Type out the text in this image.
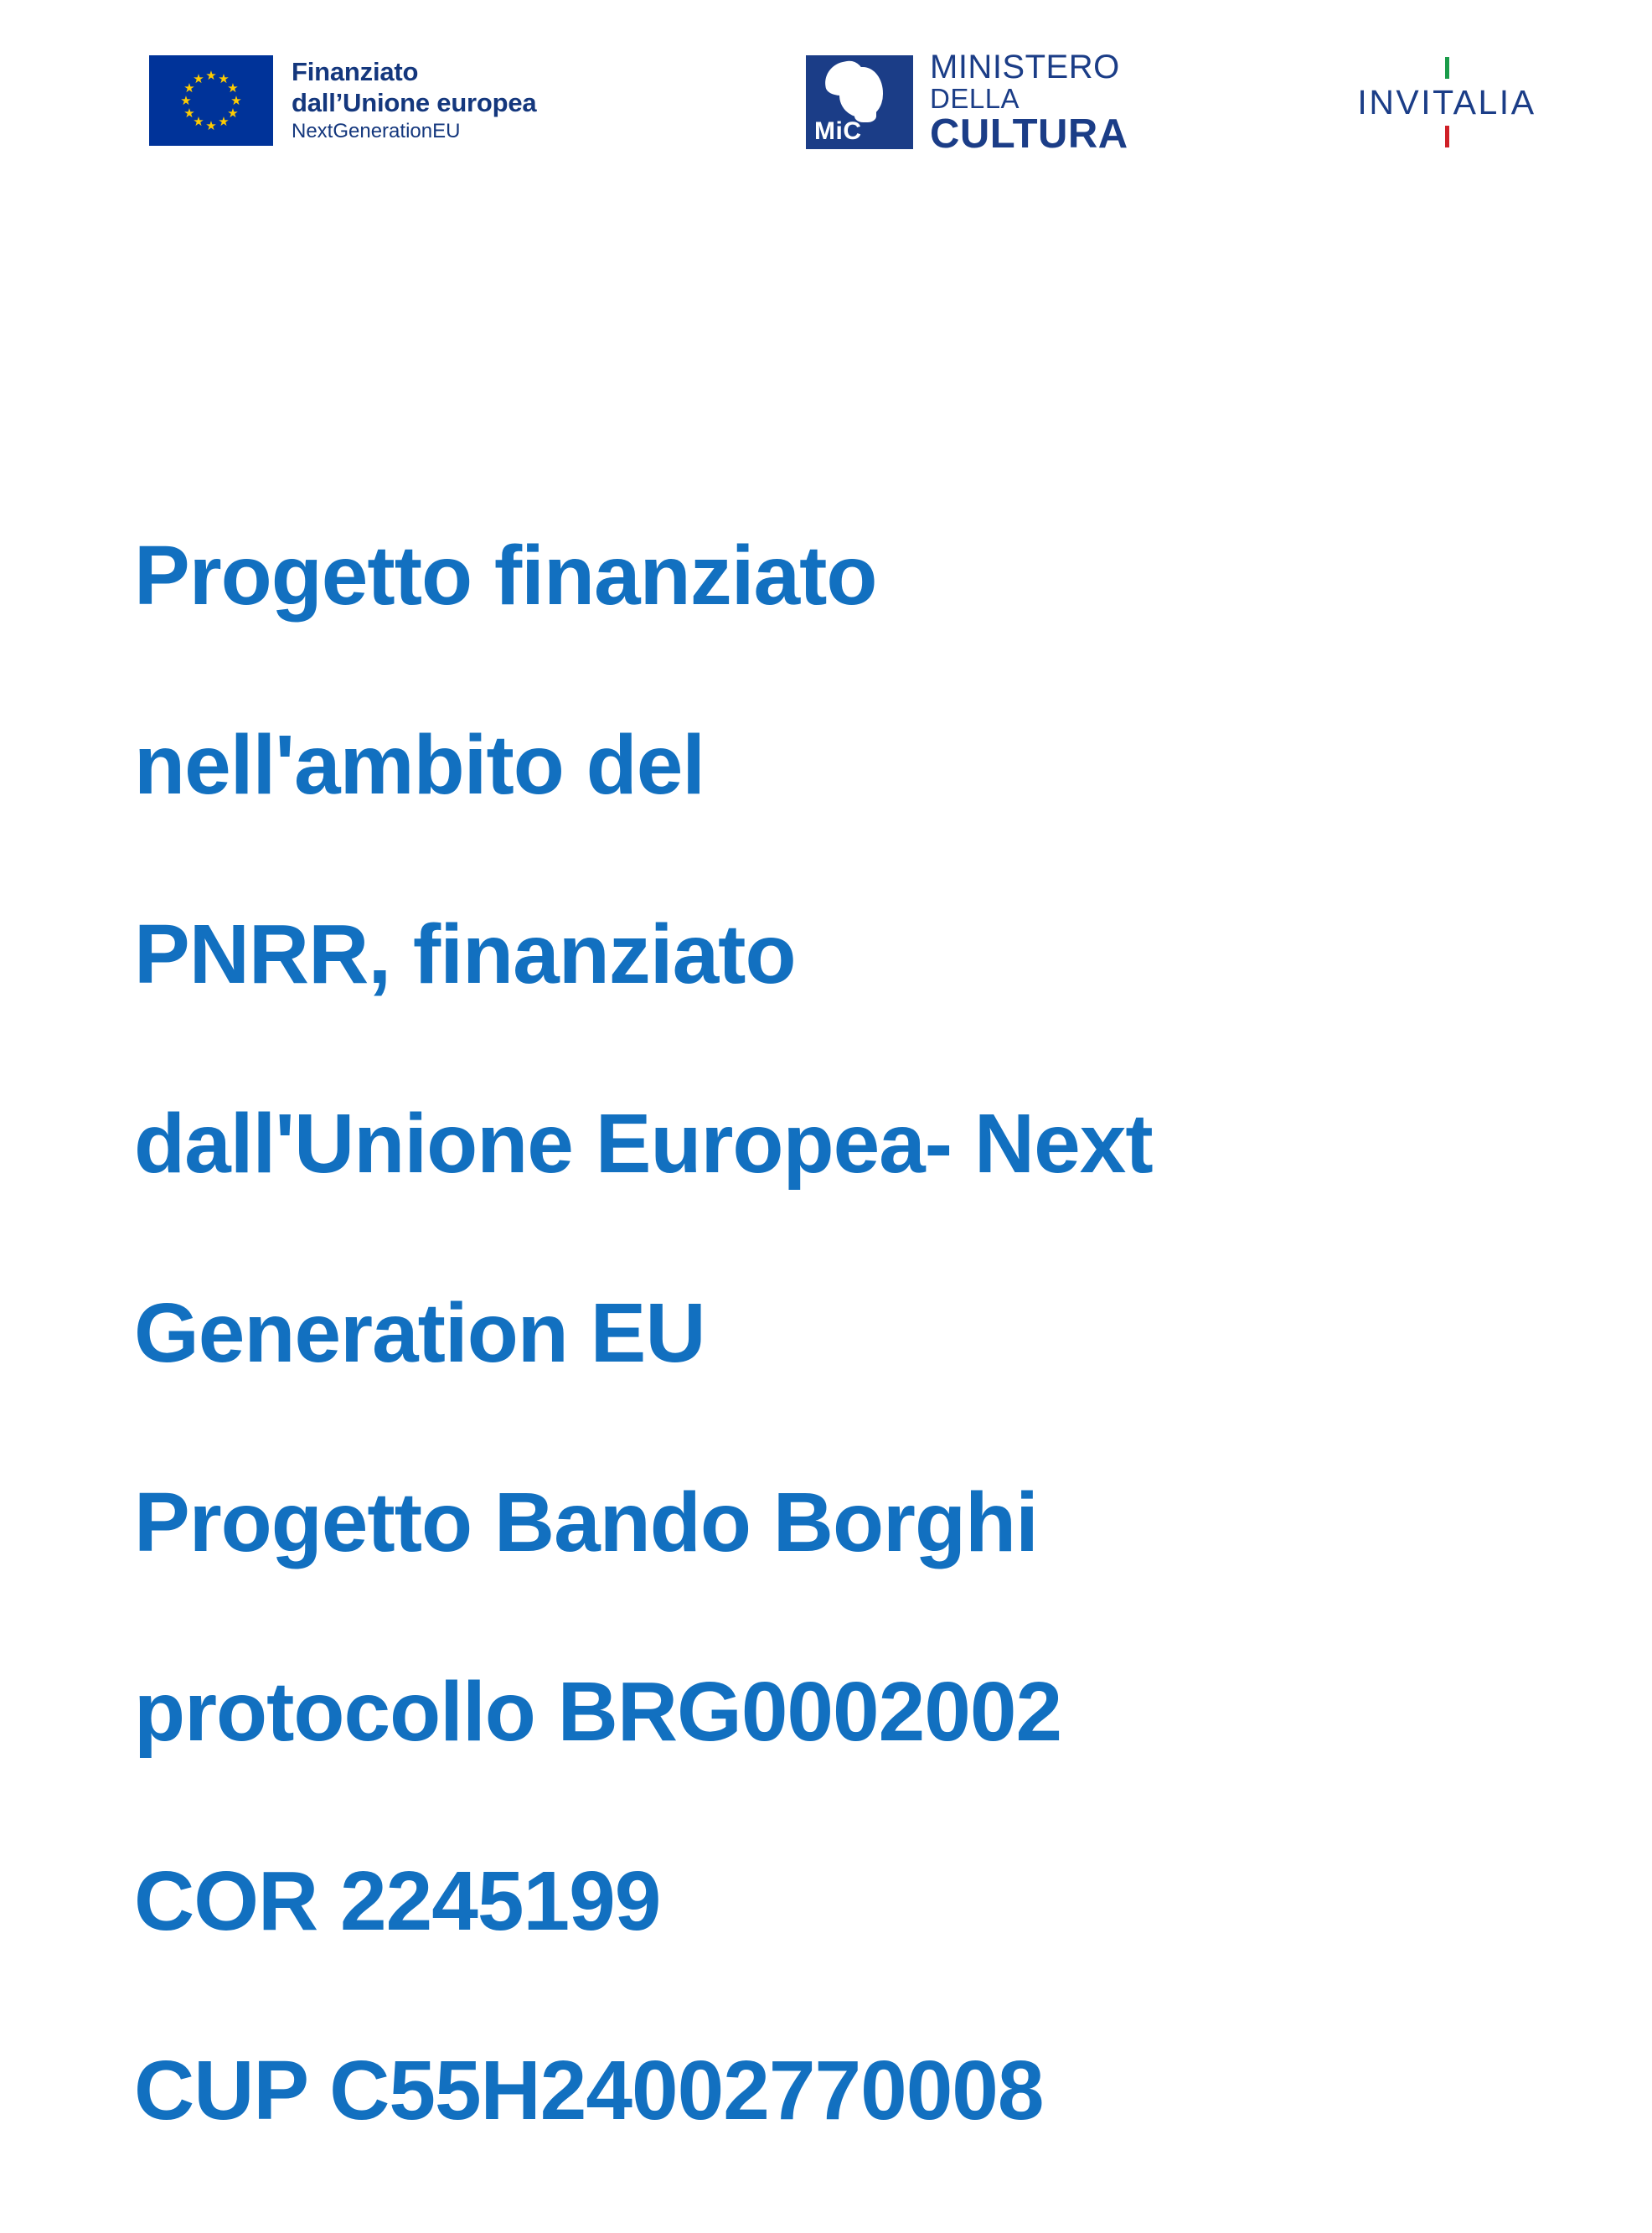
★ ★
★
★
★
★
★
★
★
★
★
★	Finanziato
dall’Unione europea
NextGenerationEU	MiC
MINISTERO
DELLA
CULTURA
INVITALIA

Progetto finanziato

nell'ambito del

PNRR, finanziato

dall'Unione Europea- Next

Generation EU

Progetto Bando Borghi

protocollo BRG0002002

COR 2245199

CUP C55H24002770008
